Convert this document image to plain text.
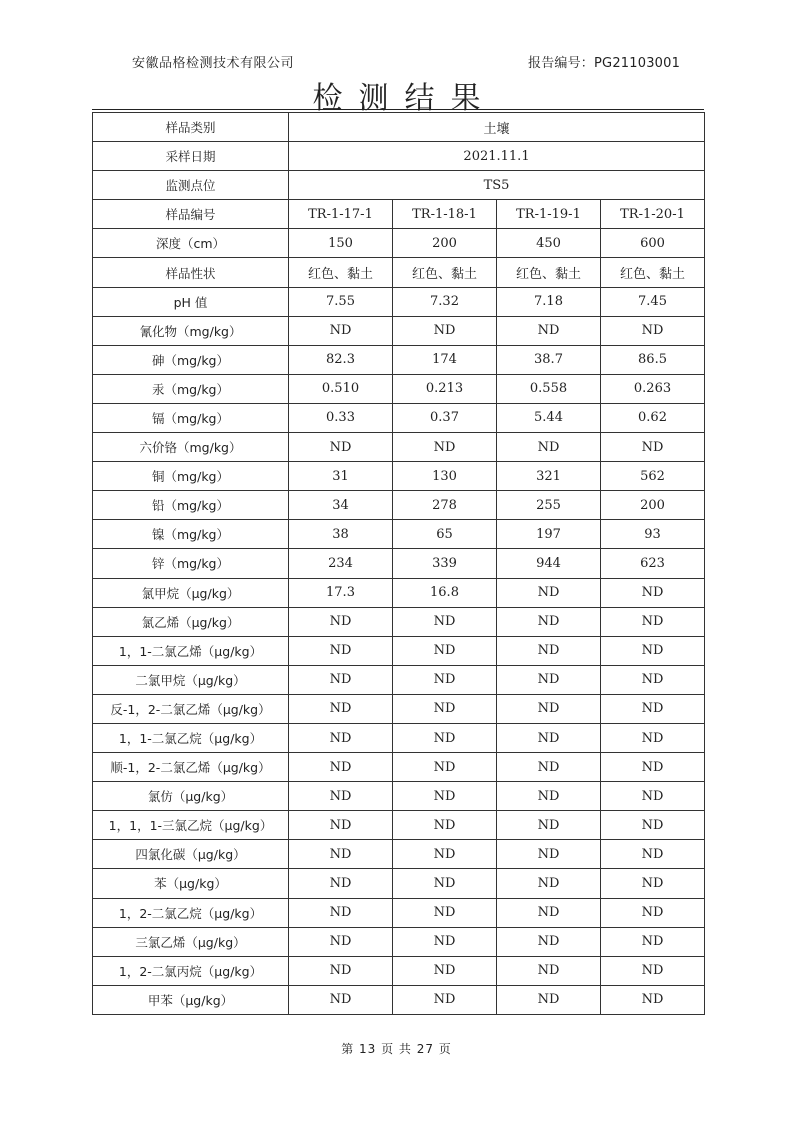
安徽品格检测技术有限公司	报告编号：PG21103001
检测结果
样品类别	土壤			
采样日期	2021.11.1			
监测点位	TS5			
样品编号	TR-1-17-1	TR-1-18-1	TR-1-19-1	TR-1-20-1
深度（cm）	150	200	450	600
样品性状	红色、黏土	红色、黏土	红色、黏土	红色、黏土
pH 值	7.55	7.32	7.18	7.45
氰化物（mg/kg）	ND	ND	ND	ND
砷（mg/kg）	82.3	174	38.7	86.5
汞（mg/kg）	0.510	0.213	0.558	0.263
镉（mg/kg）	0.33	0.37	5.44	0.62
六价铬（mg/kg）	ND	ND	ND	ND
铜（mg/kg）	31	130	321	562
铅（mg/kg）	34	278	255	200
镍（mg/kg）	38	65	197	93
锌（mg/kg）	234	339	944	623
氯甲烷（μg/kg）	17.3	16.8	ND	ND
氯乙烯（μg/kg）	ND	ND	ND	ND
1，1-二氯乙烯（μg/kg）	ND	ND	ND	ND
二氯甲烷（μg/kg）	ND	ND	ND	ND
反-1，2-二氯乙烯（μg/kg）	ND	ND	ND	ND
1，1-二氯乙烷（μg/kg）	ND	ND	ND	ND
顺-1，2-二氯乙烯（μg/kg）	ND	ND	ND	ND
氯仿（μg/kg）	ND	ND	ND	ND
1，1，1-三氯乙烷（μg/kg）	ND	ND	ND	ND
四氯化碳（μg/kg）	ND	ND	ND	ND
苯（μg/kg）	ND	ND	ND	ND
1，2-二氯乙烷（μg/kg）	ND	ND	ND	ND
三氯乙烯（μg/kg）	ND	ND	ND	ND
1，2-二氯丙烷（μg/kg）	ND	ND	ND	ND
甲苯（μg/kg）	ND	ND	ND	ND
第 13 页 共 27 页
